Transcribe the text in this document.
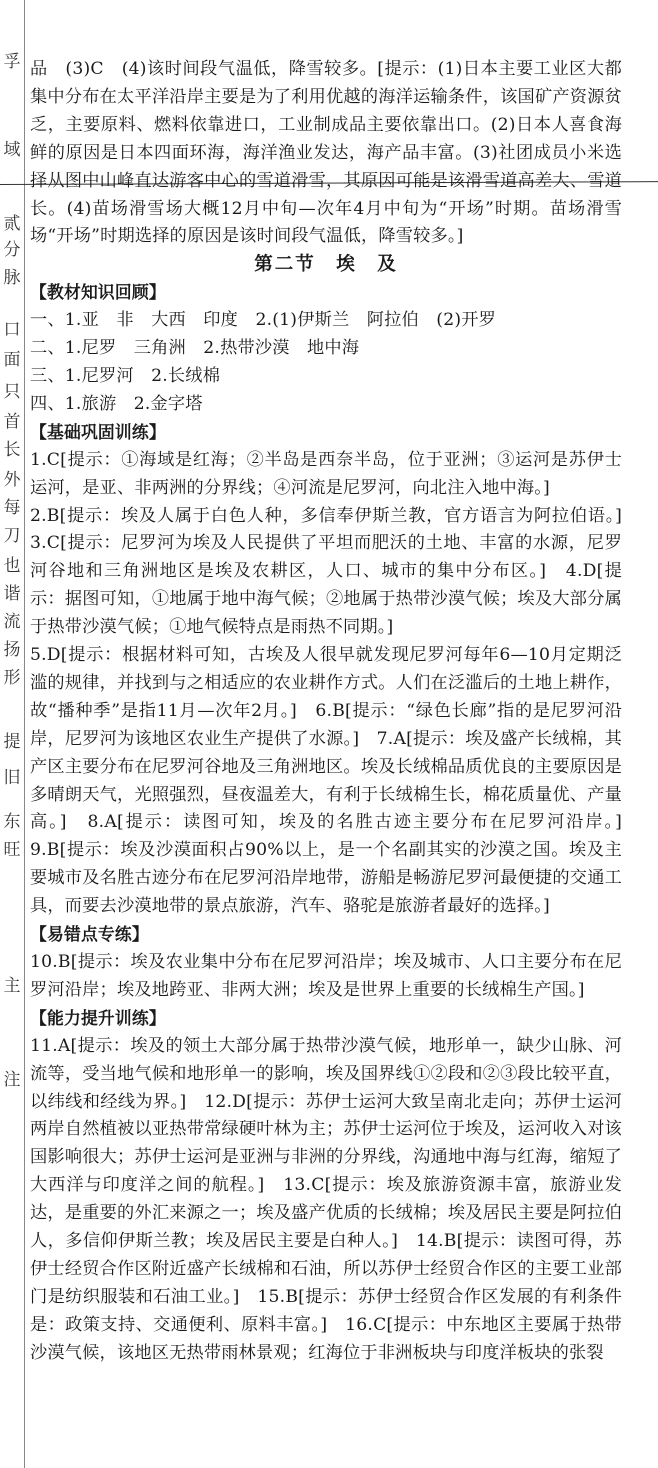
孚
域
贰
分
脉
口
面
只
首
长
外
每
刀
也
谐
流
扬
形
提
旧
东
旺
主
注

品　(3)C　(4)该时间段气温低，降雪较多。[提示：(1)日本主要工业区大都集中分布在太平洋沿岸主要是为了利用优越的海洋运输条件，该国矿产资源贫乏，主要原料、燃料依靠进口，工业制成品主要依靠出口。(2)日本人喜食海鲜的原因是日本四面环海，海洋渔业发达，海产品丰富。(3)社团成员小米选择从图中山峰直达游客中心的雪道滑雪，其原因可能是该滑雪道高差大、雪道长。(4)苗场滑雪场大概12月中旬—次年4月中旬为“开场”时期。苗场滑雪场“开场”时期选择的原因是该时间段气温低，降雪较多。]

第二节　埃　及
【教材知识回顾】

一、1.亚　非　大西　印度　2.(1)伊斯兰　阿拉伯　(2)开罗

二、1.尼罗　三角洲　2.热带沙漠　地中海

三、1.尼罗河　2.长绒棉

四、1.旅游　2.金字塔

【基础巩固训练】

1.C[提示：①海域是红海；②半岛是西奈半岛，位于亚洲；③运河是苏伊士运河，是亚、非两洲的分界线；④河流是尼罗河，向北注入地中海。]

2.B[提示：埃及人属于白色人种，多信奉伊斯兰教，官方语言为阿拉伯语。]　3.C[提示：尼罗河为埃及人民提供了平坦而肥沃的土地、丰富的水源，尼罗河谷地和三角洲地区是埃及农耕区，人口、城市的集中分布区。]　4.D[提示：据图可知，①地属于地中海气候；②地属于热带沙漠气候；埃及大部分属于热带沙漠气候；①地气候特点是雨热不同期。]

5.D[提示：根据材料可知，古埃及人很早就发现尼罗河每年6—10月定期泛滥的规律，并找到与之相适应的农业耕作方式。人们在泛滥后的土地上耕作，故“播种季”是指11月—次年2月。]　6.B[提示：“绿色长廊”指的是尼罗河沿岸，尼罗河为该地区农业生产提供了水源。]　7.A[提示：埃及盛产长绒棉，其产区主要分布在尼罗河谷地及三角洲地区。埃及长绒棉品质优良的主要原因是多晴朗天气，光照强烈，昼夜温差大，有利于长绒棉生长，棉花质量优、产量高。]　8.A[提示：读图可知，埃及的名胜古迹主要分布在尼罗河沿岸。]　9.B[提示：埃及沙漠面积占90%以上，是一个名副其实的沙漠之国。埃及主要城市及名胜古迹分布在尼罗河沿岸地带，游船是畅游尼罗河最便捷的交通工具，而要去沙漠地带的景点旅游，汽车、骆驼是旅游者最好的选择。]

【易错点专练】

10.B[提示：埃及农业集中分布在尼罗河沿岸；埃及城市、人口主要分布在尼罗河沿岸；埃及地跨亚、非两大洲；埃及是世界上重要的长绒棉生产国。]

【能力提升训练】

11.A[提示：埃及的领土大部分属于热带沙漠气候，地形单一，缺少山脉、河流等，受当地气候和地形单一的影响，埃及国界线①②段和②③段比较平直，以纬线和经线为界。]　12.D[提示：苏伊士运河大致呈南北走向；苏伊士运河两岸自然植被以亚热带常绿硬叶林为主；苏伊士运河位于埃及，运河收入对该国影响很大；苏伊士运河是亚洲与非洲的分界线，沟通地中海与红海，缩短了大西洋与印度洋之间的航程。]　13.C[提示：埃及旅游资源丰富，旅游业发达，是重要的外汇来源之一；埃及盛产优质的长绒棉；埃及居民主要是阿拉伯人，多信仰伊斯兰教；埃及居民主要是白种人。]　14.B[提示：读图可得，苏伊士经贸合作区附近盛产长绒棉和石油，所以苏伊士经贸合作区的主要工业部门是纺织服装和石油工业。]　15.B[提示：苏伊士经贸合作区发展的有利条件是：政策支持、交通便利、原料丰富。]　16.C[提示：中东地区主要属于热带沙漠气候，该地区无热带雨林景观；红海位于非洲板块与印度洋板块的张裂
